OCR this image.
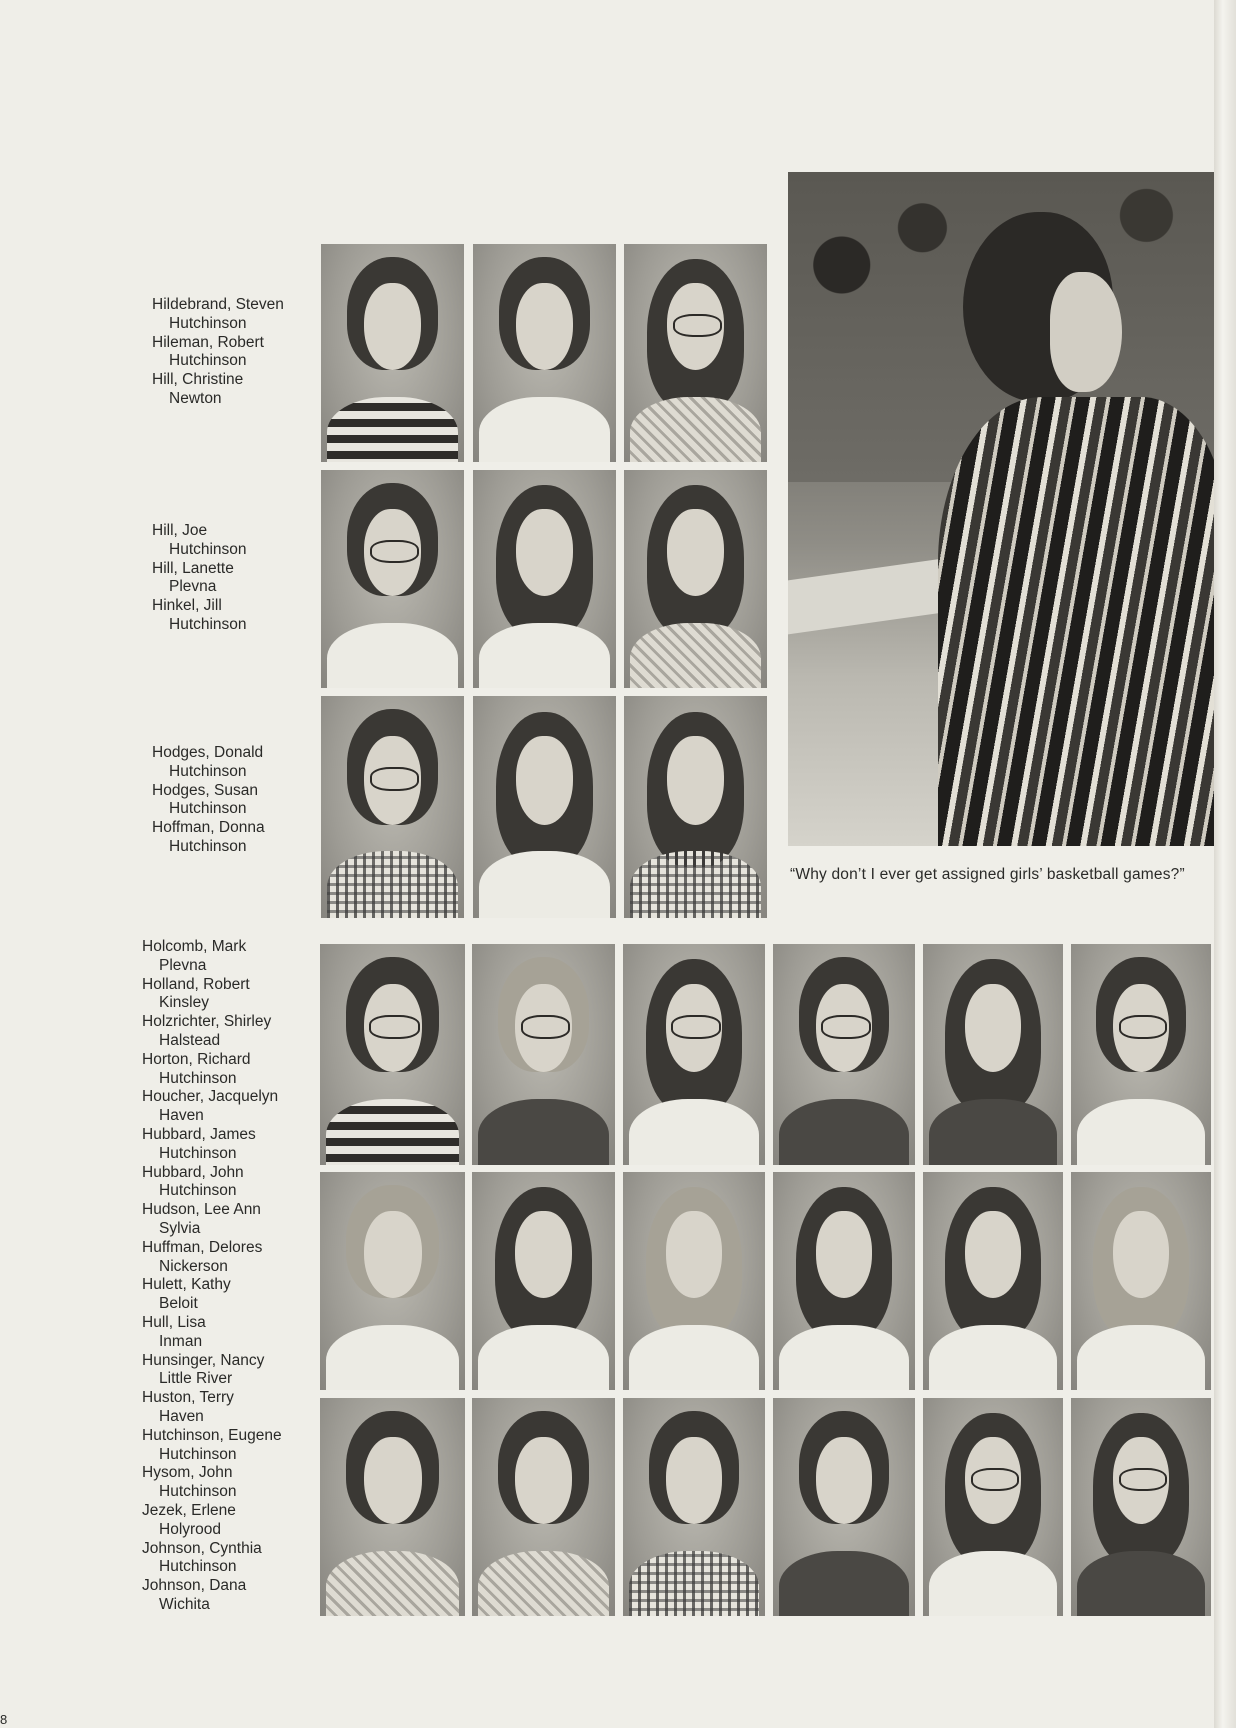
Hildebrand, Steven
Hutchinson
Hileman, Robert
Hutchinson
Hill, Christine
Newton
Hill, Joe
Hutchinson
Hill, Lanette
Plevna
Hinkel, Jill
Hutchinson
Hodges, Donald
Hutchinson
Hodges, Susan
Hutchinson
Hoffman, Donna
Hutchinson
Holcomb, Mark
Plevna
Holland, Robert
Kinsley
Holzrichter, Shirley
Halstead
Horton, Richard
Hutchinson
Houcher, Jacquelyn
Haven
Hubbard, James
Hutchinson
Hubbard, John
Hutchinson
Hudson, Lee Ann
Sylvia
Huffman, Delores
Nickerson
Hulett, Kathy
Beloit
Hull, Lisa
Inman
Hunsinger, Nancy
Little River
Huston, Terry
Haven
Hutchinson, Eugene
Hutchinson
Hysom, John
Hutchinson
Jezek, Erlene
Holyrood
Johnson, Cynthia
Hutchinson
Johnson, Dana
Wichita

“Why don’t I ever get assigned girls’ basketball games?”

8
